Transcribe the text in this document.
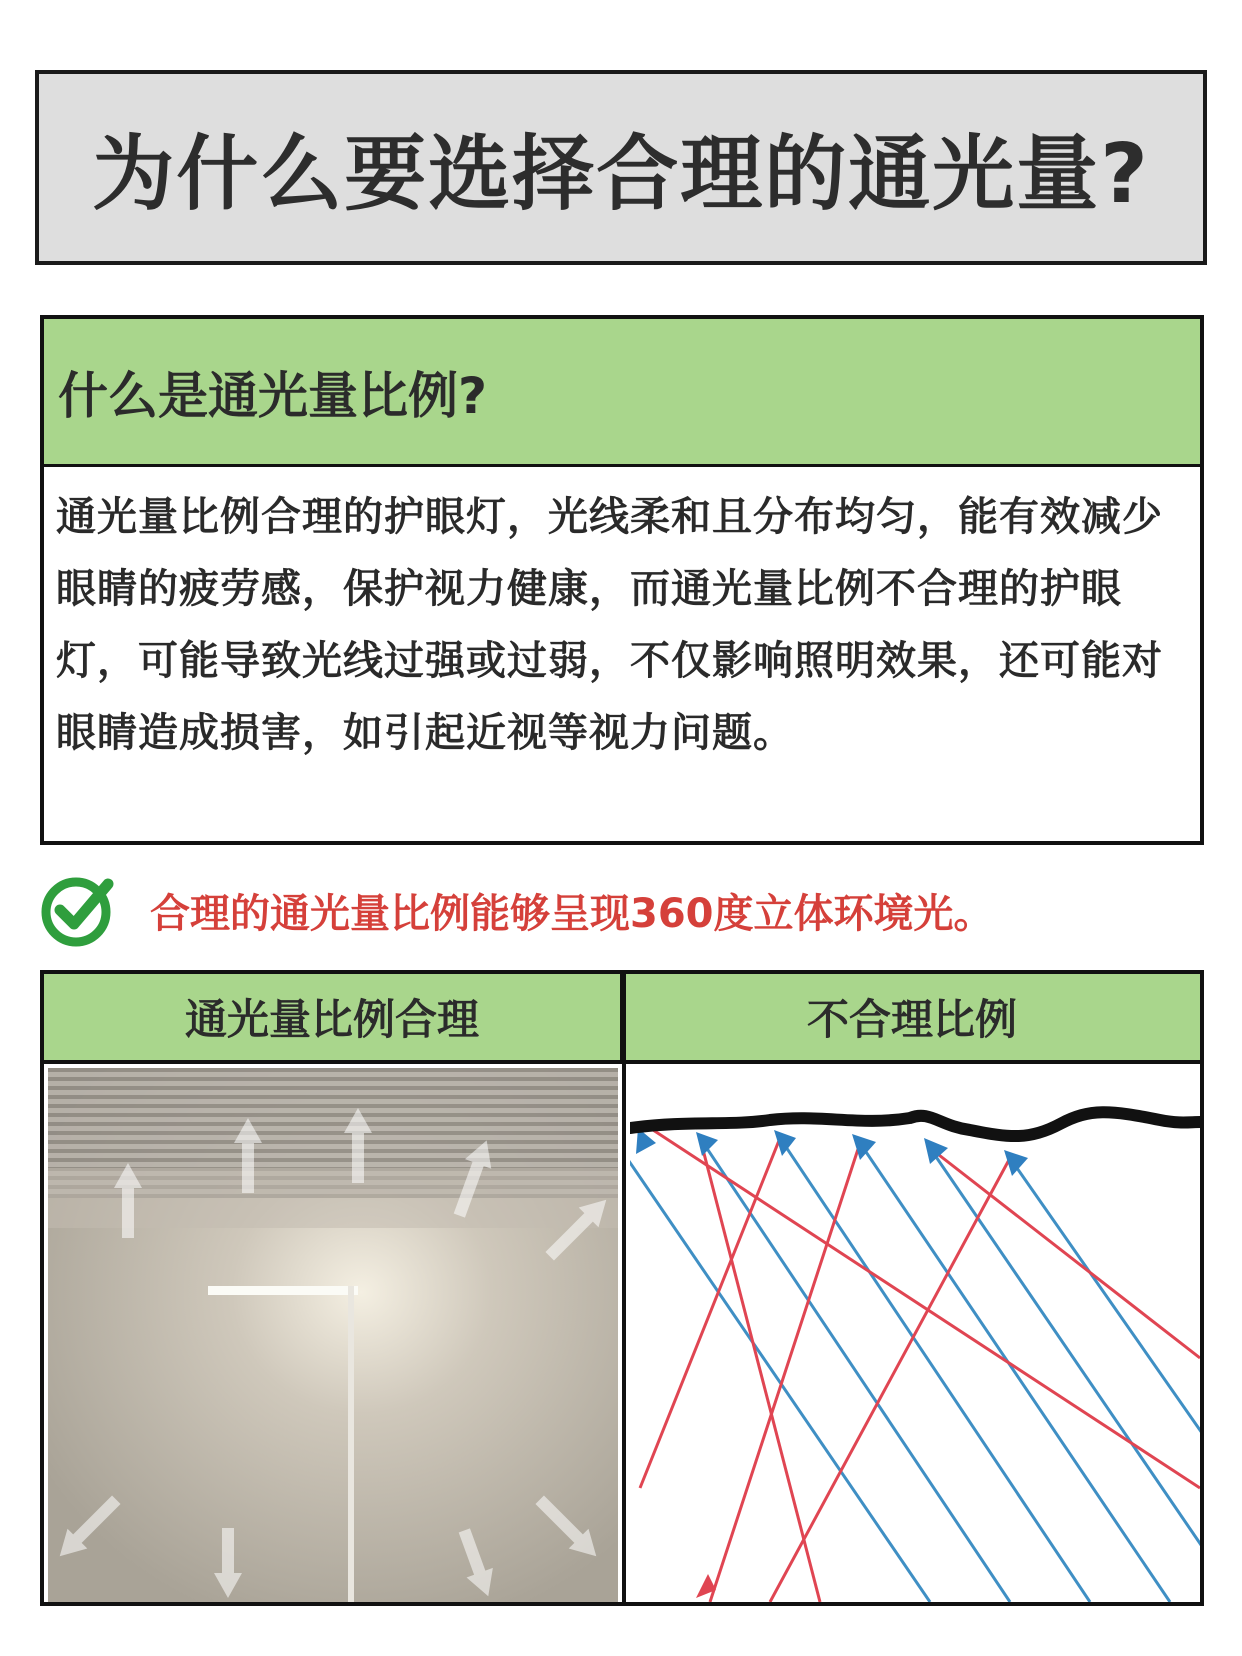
为什么要选择合理的通光量?
什么是通光量比例?
通光量比例合理的护眼灯，光线柔和且分布均匀，能有效减少眼睛的疲劳感，保护视力健康，而通光量比例不合理的护眼灯，可能导致光线过强或过弱，不仅影响照明效果，还可能对眼睛造成损害，如引起近视等视力问题。
合理的通光量比例能够呈现360度立体环境光。
通光量比例合理	不合理比例
